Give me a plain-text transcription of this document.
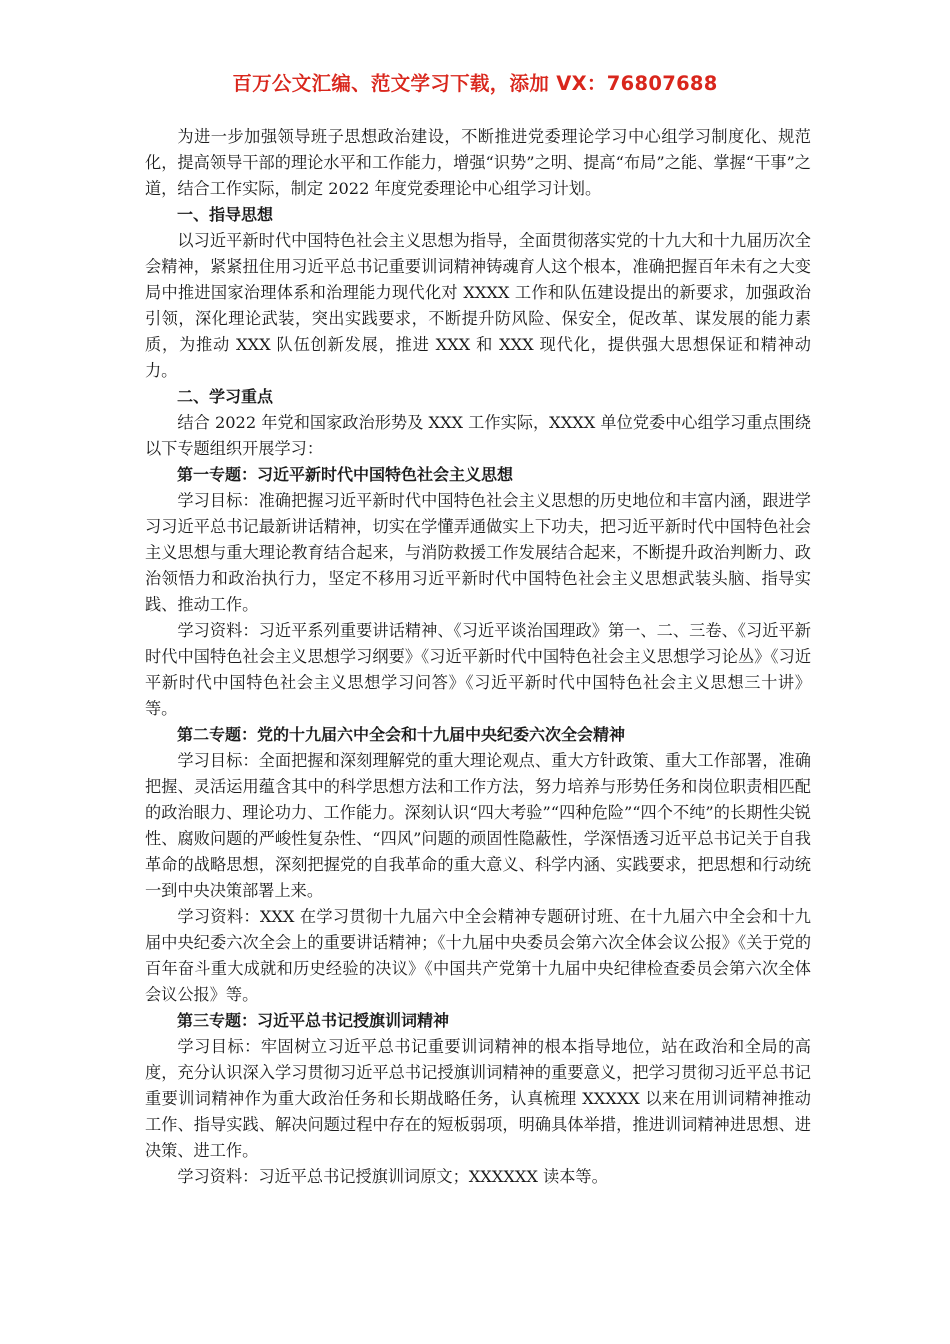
百万公文汇编、范文学习下载，添加 VX：76807688

为进一步加强领导班子思想政治建设，不断推进党委理论学习中心组学习制度化、规范化，提高领导干部的理论水平和工作能力，增强“识势”之明、提高“布局”之能、掌握“干事”之道，结合工作实际，制定 2022 年度党委理论中心组学习计划。

一、指导思想

以习近平新时代中国特色社会主义思想为指导，全面贯彻落实党的十九大和十九届历次全会精神，紧紧扭住用习近平总书记重要训词精神铸魂育人这个根本，准确把握百年未有之大变局中推进国家治理体系和治理能力现代化对 XXXX 工作和队伍建设提出的新要求，加强政治引领，深化理论武装，突出实践要求，不断提升防风险、保安全，促改革、谋发展的能力素质，为推动 XXX 队伍创新发展，推进 XXX 和 XXX 现代化，提供强大思想保证和精神动力。

二、学习重点

结合 2022 年党和国家政治形势及 XXX 工作实际，XXXX 单位党委中心组学习重点围绕以下专题组织开展学习：

第一专题：习近平新时代中国特色社会主义思想

学习目标：准确把握习近平新时代中国特色社会主义思想的历史地位和丰富内涵，跟进学习习近平总书记最新讲话精神，切实在学懂弄通做实上下功夫，把习近平新时代中国特色社会主义思想与重大理论教育结合起来，与消防救援工作发展结合起来，不断提升政治判断力、政治领悟力和政治执行力，坚定不移用习近平新时代中国特色社会主义思想武装头脑、指导实践、推动工作。

学习资料：习近平系列重要讲话精神、《习近平谈治国理政》第一、二、三卷、《习近平新时代中国特色社会主义思想学习纲要》《习近平新时代中国特色社会主义思想学习论丛》《习近平新时代中国特色社会主义思想学习问答》《习近平新时代中国特色社会主义思想三十讲》等。

第二专题：党的十九届六中全会和十九届中央纪委六次全会精神

学习目标：全面把握和深刻理解党的重大理论观点、重大方针政策、重大工作部署，准确把握、灵活运用蕴含其中的科学思想方法和工作方法，努力培养与形势任务和岗位职责相匹配的政治眼力、理论功力、工作能力。深刻认识“四大考验”“四种危险”“四个不纯”的长期性尖锐性、腐败问题的严峻性复杂性、“四风”问题的顽固性隐蔽性，学深悟透习近平总书记关于自我革命的战略思想，深刻把握党的自我革命的重大意义、科学内涵、实践要求，把思想和行动统一到中央决策部署上来。

学习资料：XXX 在学习贯彻十九届六中全会精神专题研讨班、在十九届六中全会和十九届中央纪委六次全会上的重要讲话精神；《十九届中央委员会第六次全体会议公报》《关于党的百年奋斗重大成就和历史经验的决议》《中国共产党第十九届中央纪律检查委员会第六次全体会议公报》等。

第三专题：习近平总书记授旗训词精神

学习目标：牢固树立习近平总书记重要训词精神的根本指导地位，站在政治和全局的高度，充分认识深入学习贯彻习近平总书记授旗训词精神的重要意义，把学习贯彻习近平总书记重要训词精神作为重大政治任务和长期战略任务，认真梳理 XXXXX 以来在用训词精神推动工作、指导实践、解决问题过程中存在的短板弱项，明确具体举措，推进训词精神进思想、进决策、进工作。

学习资料：习近平总书记授旗训词原文；XXXXXX 读本等。
